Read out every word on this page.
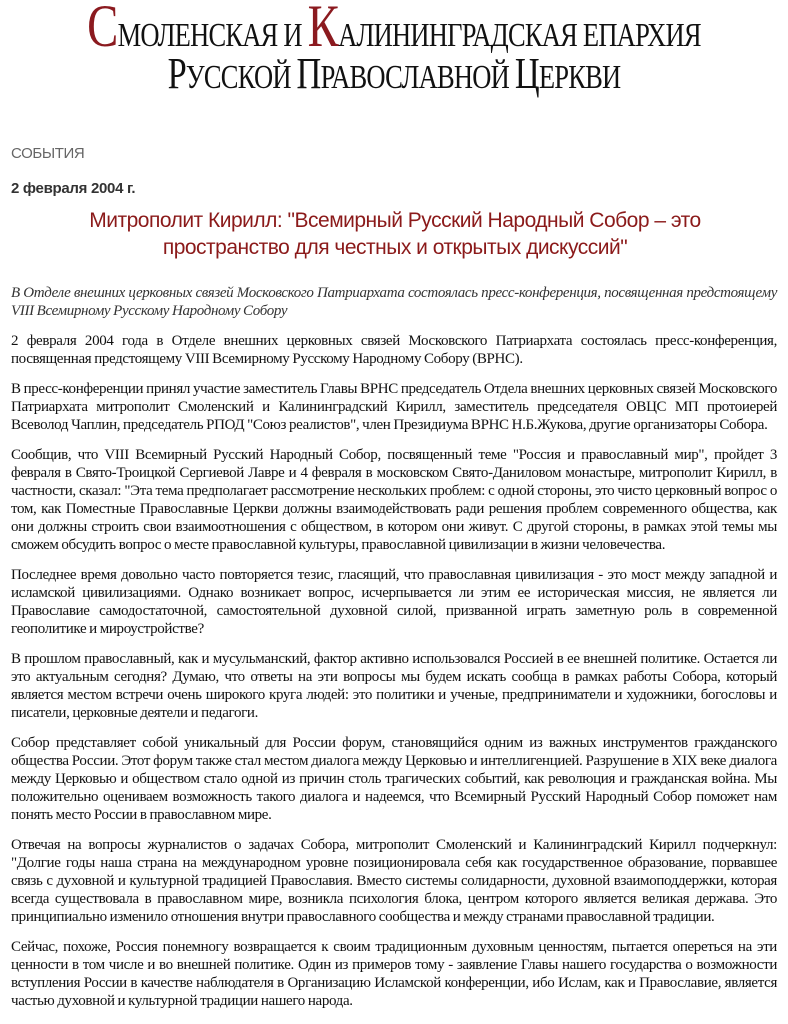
СМОЛЕНСКАЯ И КАЛИНИНГРАДСКАЯ ЕПАРХИЯ
РУССКОЙ ПРАВОСЛАВНОЙ ЦЕРКВИ
СОБЫТИЯ
2 февраля 2004 г.
Митрополит Кирилл: "Всемирный Русский Народный Собор – это пространство для честных и открытых дискуссий"

В Отделе внешних церковных связей Московского Патриархата состоялась пресс-конференция, посвященная предстоящему VIII Всемирному Русскому Народному Собору

2 февраля 2004 года в Отделе внешних церковных связей Московского Патриархата состоялась пресс-конференция, посвященная предстоящему VIII Всемирному Русскому Народному Собору (ВРНС).

В пресс-конференции принял участие заместитель Главы ВРНС председатель Отдела внешних церковных связей Московского Патриархата митрополит Смоленский и Калининградский Кирилл, заместитель председателя ОВЦС МП протоиерей Всеволод Чаплин, председатель РПОД "Союз реалистов", член Президиума ВРНС Н.Б.Жукова, другие организаторы Собора.

Сообщив, что VIII Всемирный Русский Народный Собор, посвященный теме "Россия и православный мир", пройдет 3 февраля в Свято-Троицкой Сергиевой Лавре и 4 февраля в московском Свято-Даниловом монастыре, митрополит Кирилл, в частности, сказал: "Эта тема предполагает рассмотрение нескольких проблем: с одной стороны, это чисто церковный вопрос о том, как Поместные Православные Церкви должны взаимодействовать ради решения проблем современного общества, как они должны строить свои взаимоотношения с обществом, в котором они живут. С другой стороны, в рамках этой темы мы сможем обсудить вопрос о месте православной культуры, православной цивилизации в жизни человечества.

Последнее время довольно часто повторяется тезис, гласящий, что православная цивилизация - это мост между западной и исламской цивилизациями. Однако возникает вопрос, исчерпывается ли этим ее историческая миссия, не является ли Православие самодостаточной, самостоятельной духовной силой, призванной играть заметную роль в современной геополитике и мироустройстве?

В прошлом православный, как и мусульманский, фактор активно использовался Россией в ее внешней политике. Остается ли это актуальным сегодня? Думаю, что ответы на эти вопросы мы будем искать сообща в рамках работы Собора, который является местом встречи очень широкого круга людей: это политики и ученые, предприниматели и художники, богословы и писатели, церковные деятели и педагоги.

Собор представляет собой уникальный для России форум, становящийся одним из важных инструментов гражданского общества России. Этот форум также стал местом диалога между Церковью и интеллигенцией. Разрушение в XIX веке диалога между Церковью и обществом стало одной из причин столь трагических событий, как революция и гражданская война. Мы положительно оцениваем возможность такого диалога и надеемся, что Всемирный Русский Народный Собор поможет нам понять место России в православном мире.

Отвечая на вопросы журналистов о задачах Собора, митрополит Смоленский и Калининградский Кирилл подчеркнул: "Долгие годы наша страна на международном уровне позиционировала себя как государственное образование, порвавшее связь с духовной и культурной традицией Православия. Вместо системы солидарности, духовной взаимоподдержки, которая всегда существовала в православном мире, возникла психология блока, центром которого является великая держава. Это принципиально изменило отношения внутри православного сообщества и между странами православной традиции.

Сейчас, похоже, Россия понемногу возвращается к своим традиционным духовным ценностям, пытается опереться на эти ценности в том числе и во внешней политике. Один из примеров тому - заявление Главы нашего государства о возможности вступления России в качестве наблюдателя в Организацию Исламской конференции, ибо Ислам, как и Православие, является частью духовной и культурной традиции нашего народа.
